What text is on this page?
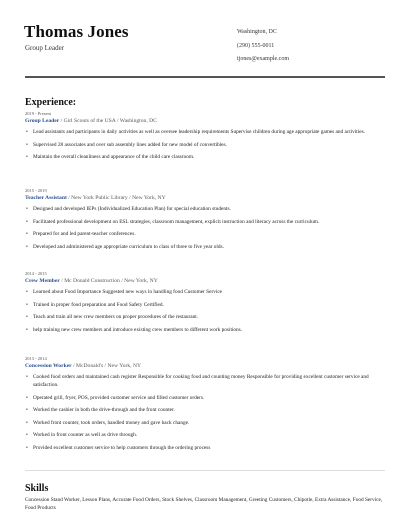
Thomas Jones
Group Leader
Washington, DC
(290) 555-0011
tjones@example.com
Experience:
2019 - Present
Group Leader / Girl Scouts of the USA / Washington, DC
• Lead assistants and participants in daily activities as well as oversee leadership requirements Supervise children during age appropriate games and activities.
• Supervised 28 associates and over sub assembly lines added for new model of convertibles.
• Maintain the overall cleanliness and appearance of the child care classroom.
2015 - 2019
Teacher Assistant / New York Public Library / New York, NY
• Designed and developed IEPs (Individualized Education Plan) for special education students.
• Facilitated professional development on ESL strategies, classroom management, explicit instruction and literacy across the curriculum.
• Prepared for and led parent-teacher conferences.
• Developed and administered age appropriate curriculum to class of three to five year olds.
2014 - 2015
Crew Member / Mc Donald Construction / New York, NY
• Learned about Food Importance Suggested new ways in handling food Customer Service
• Trained in proper food preparation and Food Safety Certified.
• Teach and train all new crew members on proper procedures of the restaurant.
• help training new crew members and introduce existing crew members to different work positions.
2013 - 2014
Concession Worker / McDonald's / New York, NY
• Cooked food orders and maintained cash register Responsible for cooking food and counting money Responsible for providing excellent customer service and satisfaction.
• Operated grill, fryer, POS, provided customer service and filled customer orders.
• Worked the cashier in both the drive-through and the front counter.
• Worked front counter, took orders, handled money and gave back change.
• Worked in front counter as well as drive through.
• Provided excellent customer service to help customers through the ordering process
Skills
Concession Stand Worker, Lesson Plans, Accurate Food Orders, Stock Shelves, Classroom Management, Greeting Customers, Chipotle, Extra Assistance, Food Service, Food Products
